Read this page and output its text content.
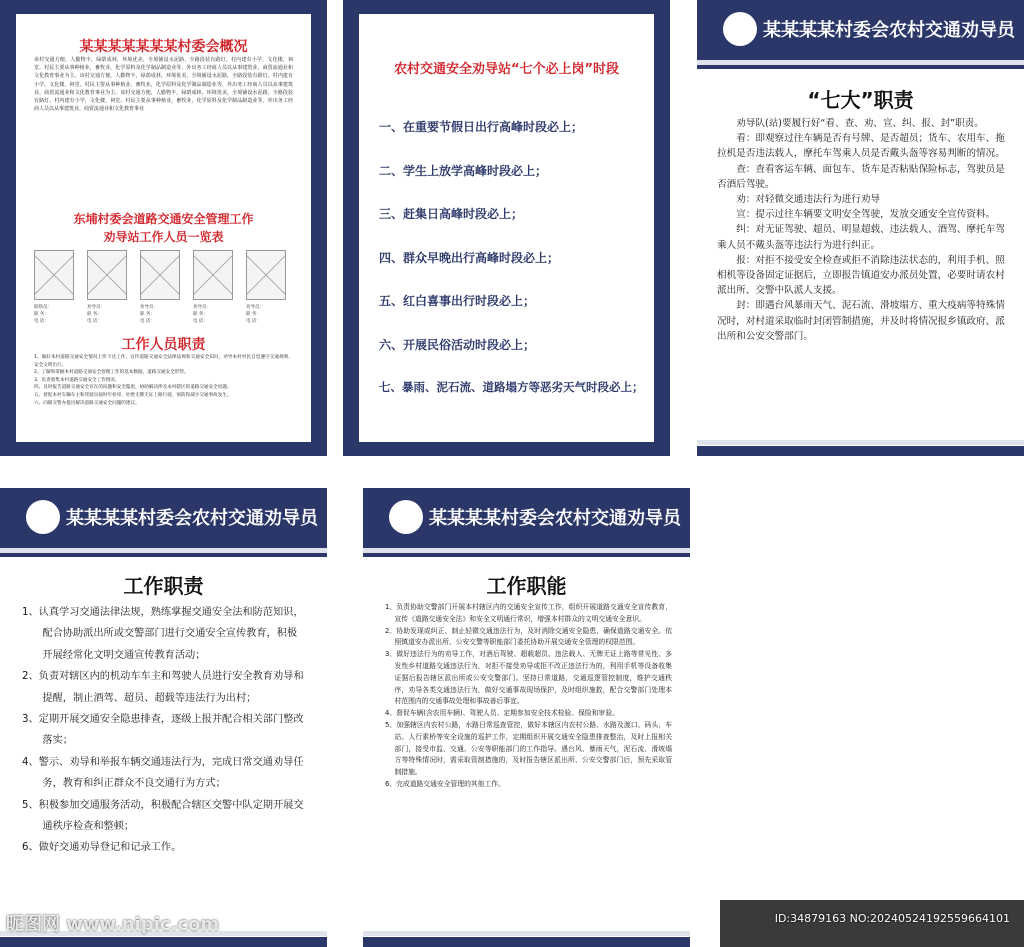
某某某某某某某村委会概况
该村交通方便，人勤物丰，绿荫成林，环境优美，全境铺设水泥路，全路段装有路灯。村内建有小学，文化楼，祠堂。村民主要从事种植业，畜牧业，化学原料及化学制品制造业等，外出务工经商人员以从事建筑业、商贸流通业和文化教育事业为主。该村交通方便，人勤物丰，绿荫成林，环境优美，全境铺设水泥路，全路段装有路灯。村内建有小学，文化楼，祠堂。村民主要从事种植业，畜牧业，化学原料及化学制品制造业等，外出务工经商人员以从事建筑业、商贸流通业和文化教育事业为主。该村交通方便，人勤物丰，绿荫成林，环境优美，全境铺设水泥路，全路段装有路灯。村内建有小学，文化楼，祠堂。村民主要从事种植业，畜牧业，化学原料及化学制品制造业等，外出务工经商人员以从事建筑业、商贸流通业和文化教育事业
东埔村委会道路交通安全管理工作
劝导站工作人员一览表
联络员：
职 务：
电 话：
劝导员：
职 务：
电 话：
劝导员：
职 务：
电 话：
劝导员：
职 务：
电 话：
劝导员：
职 务：
电 话：
工作人员职责
1、做好本村道路交通安全情况上传下达工作，宣传道路交通安全法律法规和交通安全知识，劝导本村村民自觉遵守交通规则，安全文明出行。
2、了解和掌握本村道路交通安全管理工作的基本数据、道路交通安全形势。
3、负责收集本村道路交通安全工作情况。
四、及时报告道路交通安全存在的问题和安全隐患，协助解决涉及本村辖区的道路交通安全问题。
五、督促本村车辆车主和驾驶员按时年检审，杜绝无牌无证上路行驶，预防和减少交通事故发生。
六、向镇交警办提出解决道路交通安全问题的建议。
农村交通安全劝导站“七个必上岗”时段
一、在重要节假日出行高峰时段必上；
二、学生上放学高峰时段必上；
三、赶集日高峰时段必上；
四、群众早晚出行高峰时段必上；
五、红白喜事出行时段必上；
六、开展民俗活动时段必上；
七、暴雨、泥石流、道路塌方等恶劣天气时段必上；
某某某某村委会农村交通劝导员
“七大”职责
劝导队(站)要履行好“看、查、劝、宣、纠、报、封”职责。
看：即观察过往车辆是否有号牌、是否超员；货车、农用车、拖拉机是否违法载人，摩托车驾乘人员是否戴头盔等容易判断的情况。
查：查看客运车辆、面包车、货车是否粘贴保险标志，驾驶员是否酒后驾驶。
劝：对轻微交通违法行为进行劝导
宣：提示过往车辆要文明安全驾驶，发放交通安全宣传资料。
纠：对无证驾驶、超员、明显超载、违法载人、酒驾、摩托车驾乘人员不戴头盔等违法行为进行纠正。
报：对拒不接受安全检查或拒不消除违法状态的，利用手机、照相机等设备固定证据后，立即报告镇道安办派员处置，必要时请农村派出所、交警中队派人支援。
封：即遇台风暴雨天气、泥石流、滑坡塌方、重大疫病等特殊情况时，对村道采取临时封闭管制措施，并及时将情况报乡镇政府、派出所和公安交警部门。
某某某某村委会农村交通劝导员
工作职责
1、认真学习交通法律法规，熟练掌握交通安全法和防范知识，配合协助派出所或交警部门进行交通安全宣传教育，积极开展经常化文明交通宣传教育活动；
2、负责对辖区内的机动车车主和驾驶人员进行安全教育劝导和提醒，制止酒驾、超员、超载等违法行为出村；
3、定期开展交通安全隐患排查，逐级上报并配合相关部门整改落实；
4、警示、劝导和举报车辆交通违法行为，完成日常交通劝导任务，教育和纠正群众不良交通行为方式；
5、积极参加交通服务活动，积极配合辖区交警中队定期开展交通秩序检查和整顿；
6、做好交通劝导登记和记录工作。
某某某某村委会农村交通劝导员
工作职能
1、负责协助交警部门开展本村辖区内的交通安全宣传工作，组织开展道路交通安全宣传教育，宣传《道路交通安全法》和安全文明通行常识，增强本村群众的文明交通安全意识。
2、协助发现或纠正、制止轻微交通违法行为，及时消除交通安全隐患，确保道路交通安全。依照镇道安办派出所、公安交警等职能部门委托协助开展交通安全管理的权限范围。
3、做好违法行为的劝导工作，对酒后驾驶、超载超员、违法载人、无牌无证上路等常见性、多发性乡村道路交通违法行为，对拒不接受劝导或拒不改正违法行为的，利用手机等设备收集证据后报告辖区派出所或公安交警部门。坚持日常道路，交通巡逻管控制度，维护交通秩序，劝导各类交通违法行为，做好交通事故现场保护，及时组织施救，配合交警部门处理本村范围内的交通事故处理和事故善后事宜。
4、督促车辆(含农用车辆)、驾驶人员、定期参加安全技术检验、保险和审验。
5、加强辖区内农村公路，水路日常巡查管控，做好本辖区内农村公路、水路及渡口、码头、车站、人行素桥等安全设施的巡护工作，定期组织开展交通安全隐患排查整治，及时上报相关部门，接受市监、交通、公安等职能部门的工作指导。遇台风、暴雨天气，泥石流、滑坡塌方等特殊情况时，需采取管制措施的，及时报告辖区派出所、公安交警部门后，预先采取管制措施。
6、完成道路交通安全管理的其他工作。
昵图网 www.nipic.com	ID:34879163 NO:20240524192559664101
